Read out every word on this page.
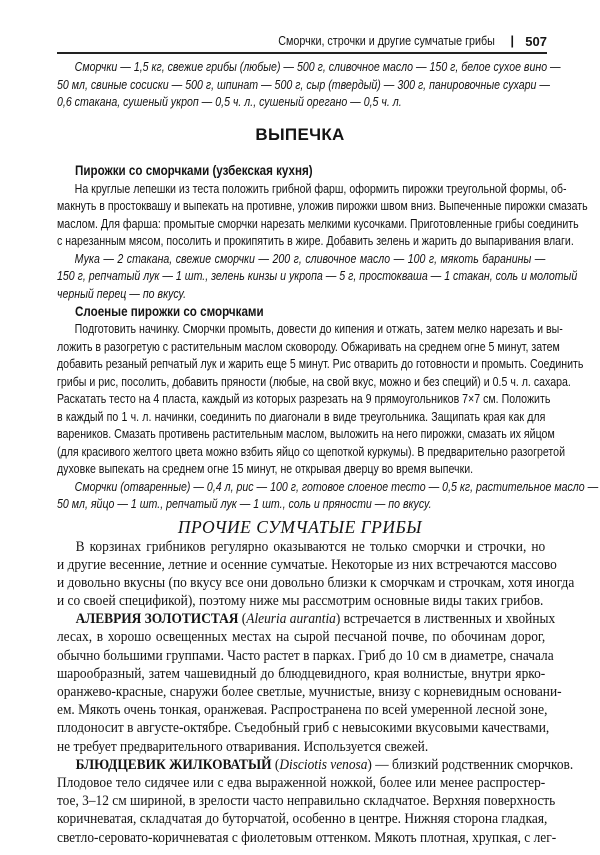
Сморчки, строчки и другие сумчатые грибы | 507
Сморчки — 1,5 кг, свежие грибы (любые) — 500 г, сливочное масло — 150 г, белое сухое вино —
50 мл, свиные сосиски — 500 г, шпинат — 500 г, сыр (твердый) — 300 г, панировочные сухари —
0,6 стакана, сушеный укроп — 0,5 ч. л., сушеный орегано — 0,5 ч. л.
ВЫПЕЧКА
Пирожки со сморчками (узбекская кухня)
На круглые лепешки из теста положить грибной фарш, оформить пирожки треугольной формы, об-
макнуть в простоквашу и выпекать на противне, уложив пирожки швом вниз. Выпеченные пирожки смазать
маслом. Для фарша: промытые сморчки нарезать мелкими кусочками. Приготовленные грибы соединить
с нарезанным мясом, посолить и прокипятить в жире. Добавить зелень и жарить до выпаривания влаги.
Мука — 2 стакана, свежие сморчки — 200 г, сливочное масло — 100 г, мякоть баранины —
150 г, репчатый лук — 1 шт., зелень кинзы и укропа — 5 г, простокваша — 1 стакан, соль и молотый
черный перец — по вкусу.
Слоеные пирожки со сморчками
Подготовить начинку. Сморчки промыть, довести до кипения и отжать, затем мелко нарезать и вы-
ложить в разогретую с растительным маслом сковороду. Обжаривать на среднем огне 5 минут, затем
добавить резаный репчатый лук и жарить еще 5 минут. Рис отварить до готовности и промыть. Соединить
грибы и рис, посолить, добавить пряности (любые, на свой вкус, можно и без специй) и 0.5 ч. л. сахара.
Раскатать тесто на 4 пласта, каждый из которых разрезать на 9 прямоугольников 7×7 см. Положить
в каждый по 1 ч. л. начинки, соединить по диагонали в виде треугольника. Защипать края как для
вареников. Смазать противень растительным маслом, выложить на него пирожки, смазать их яйцом
(для красивого желтого цвета можно взбить яйцо со щепоткой куркумы). В предварительно разогретой
духовке выпекать на среднем огне 15 минут, не открывая дверцу во время выпечки.
Сморчки (отваренные) — 0,4 л, рис — 100 г, готовое слоеное тесто — 0,5 кг, растительное масло —
50 мл, яйцо — 1 шт., репчатый лук — 1 шт., соль и пряности — по вкусу.
ПРОЧИЕ СУМЧАТЫЕ ГРИБЫ
В корзинах грибников регулярно оказываются не только сморчки и строчки, но
и другие весенние, летние и осенние сумчатые. Некоторые из них встречаются массово
и довольно вкусны (по вкусу все они довольно близки к сморчкам и строчкам, хотя иногда
и со своей спецификой), поэтому ниже мы рассмотрим основные виды таких грибов.
АЛЕВРИЯ ЗОЛОТИСТАЯ (Aleuria aurantia) встречается в лиственных и хвойных
лесах, в хорошо освещенных местах на сырой песчаной почве, по обочинам дорог,
обычно большими группами. Часто растет в парках. Гриб до 10 см в диаметре, сначала
шарообразный, затем чашевидный до блюдцевидного, края волнистые, внутри ярко-
оранжево-красные, снаружи более светлые, мучнистые, внизу с корневидным основани-
ем. Мякоть очень тонкая, оранжевая. Распространена по всей умеренной лесной зоне,
плодоносит в августе-октябре. Съедобный гриб с невысокими вкусовыми качествами,
не требует предварительного отваривания. Используется свежей.
БЛЮДЦЕВИК ЖИЛКОВАТЫЙ (Disciotis venosa) — близкий родственник сморчков.
Плодовое тело сидячее или с едва выраженной ножкой, более или менее распростер-
тое, 3–12 см шириной, в зрелости часто неправильно складчатое. Верхняя поверхность
коричневатая, складчатая до буторчатой, особенно в центре. Нижняя сторона гладкая,
светло-серовато-коричневатая с фиолетовым оттенком. Мякоть плотная, хрупкая, с лег-
